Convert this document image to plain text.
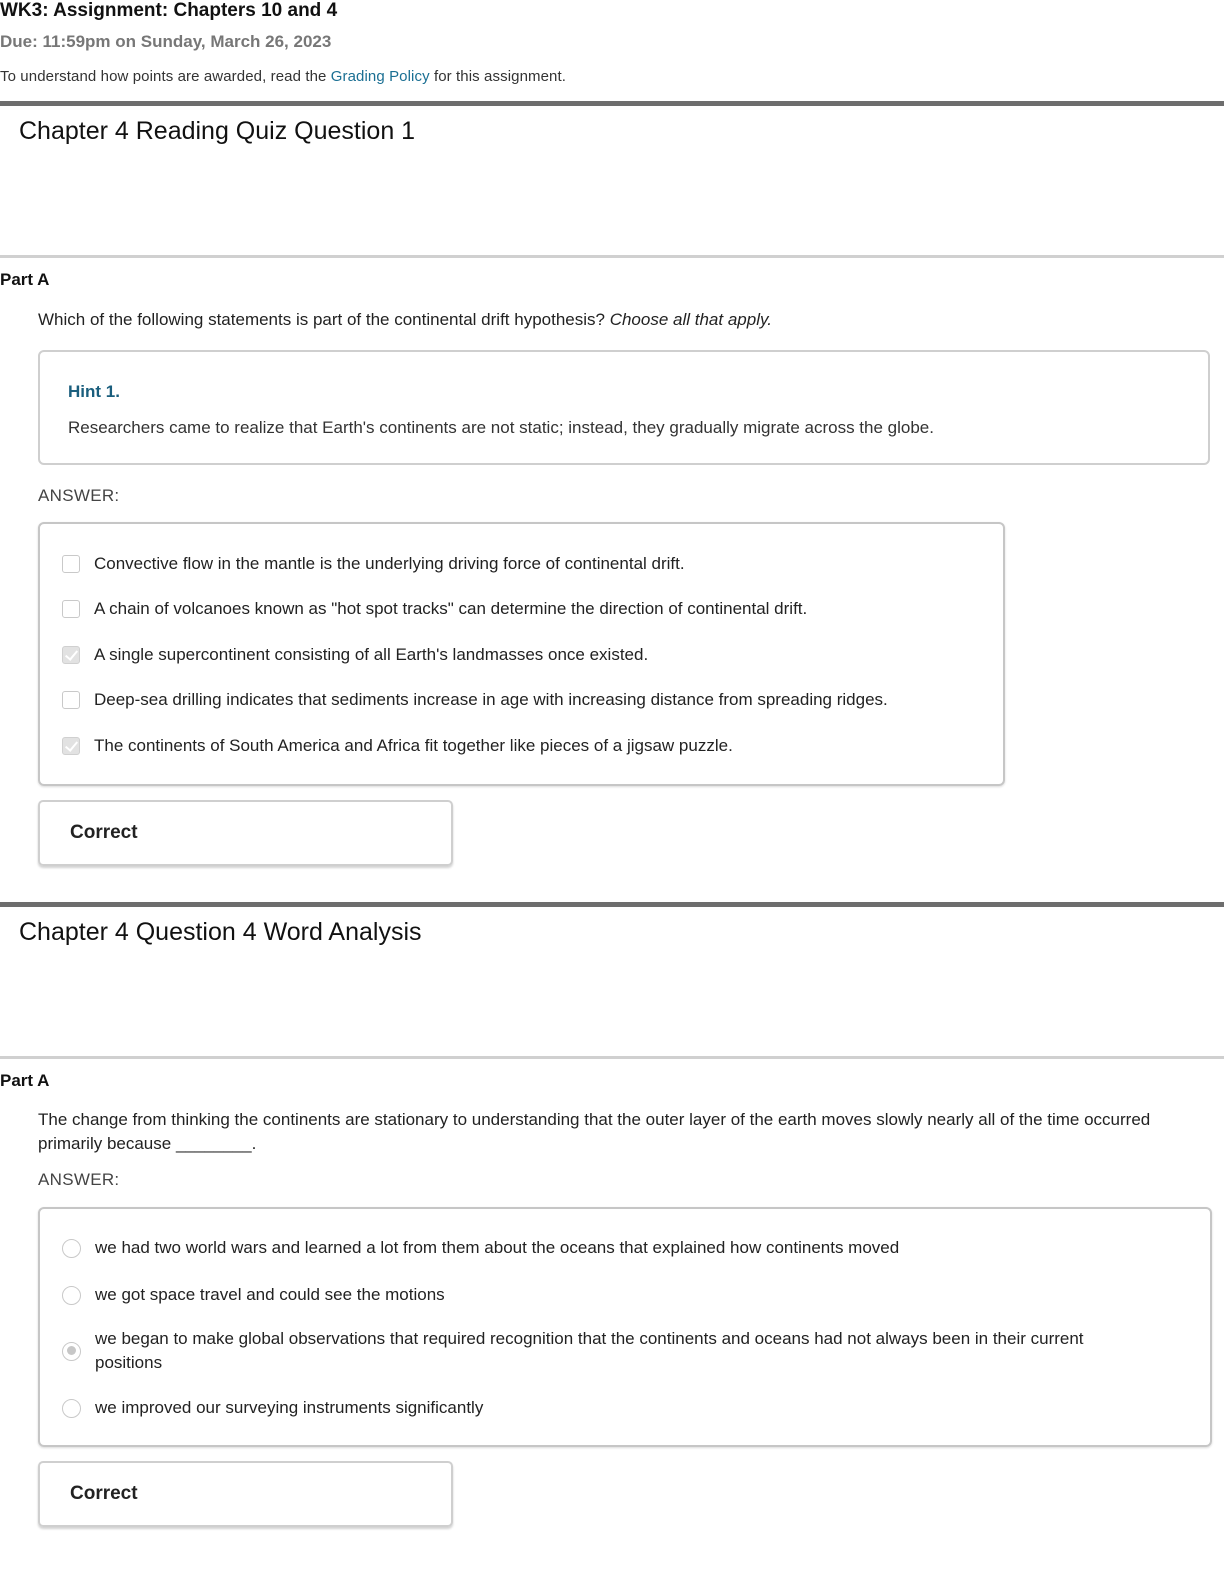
WK3: Assignment: Chapters 10 and 4
Due: 11:59pm on Sunday, March 26, 2023
To understand how points are awarded, read the Grading Policy for this assignment.
Chapter 4 Reading Quiz Question 1
Part A
Which of the following statements is part of the continental drift hypothesis? Choose all that apply.
Hint 1.
Researchers came to realize that Earth's continents are not static; instead, they gradually migrate across the globe.
ANSWER:
Convective flow in the mantle is the underlying driving force of continental drift.
A chain of volcanoes known as "hot spot tracks" can determine the direction of continental drift.
A single supercontinent consisting of all Earth's landmasses once existed.
Deep-sea drilling indicates that sediments increase in age with increasing distance from spreading ridges.
The continents of South America and Africa fit together like pieces of a jigsaw puzzle.
Correct
Chapter 4 Question 4 Word Analysis
Part A
The change from thinking the continents are stationary to understanding that the outer layer of the earth moves slowly nearly all of the time occurred primarily because ________.
ANSWER:
we had two world wars and learned a lot from them about the oceans that explained how continents moved
we got space travel and could see the motions
we began to make global observations that required recognition that the continents and oceans had not always been in their current positions
we improved our surveying instruments significantly
Correct
